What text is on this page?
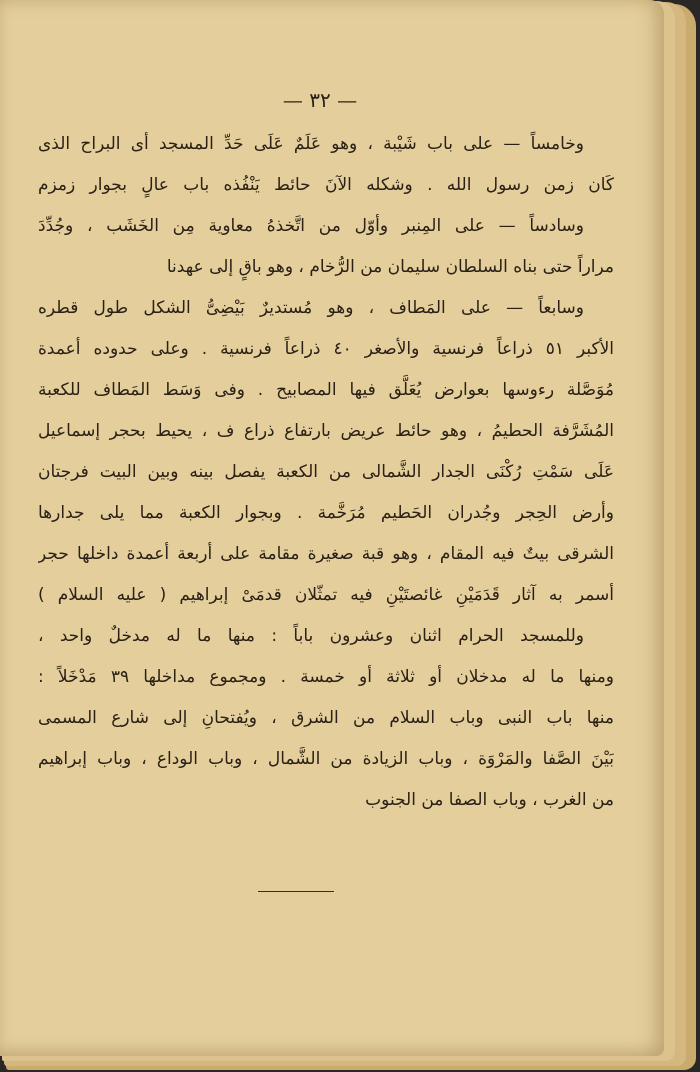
— ٣٢ —
وخامساً — على باب شَيْبة ، وهو عَلَمٌ عَلَى حَدِّ المسجد أى البراح الذى
كَان زمن رسول الله . وشكله الآنَ حائط يَنْفُذه باب عالٍ بجوار زمزم
وسادساً — على المِنبر وأوّل من اتَّخذهُ معاوية مِن الخَشَب ، وجُدِّدَ
مراراً حتى بناه السلطان سليمان من الرُّخام ، وهو باقٍ إلى عهدنا
وسابعاً — على المَطاف ، وهو مُستديرٌ بَيْضِىُّ الشكل طول قطره
الأكبر ٥١ ذراعاً فرنسية والأصغر ٤٠ ذراعاً فرنسية . وعلى حدوده أعمدة
مُوَصَّلة رءوسها بعوارض يُعَلَّق فيها المصابيح . وفى وَسَط المَطاف للكعبة
المُشَرَّفة الحطيمُ ، وهو حائط عريض بارتفاع ذراع ف ، يحيط بحجر إسماعيل
عَلَى سَمْتِ رُكْنَى الجدار الشَّمالى من الكعبة يفصل بينه وبين البيت فرجتان
وأرض الحِجر وجُدران الحَطيم مُرَخَّمة . وبجوار الكعبة مما يلى جدارها
الشرقى بيتٌ فيه المقام ، وهو قبة صغيرة مقامة على أربعة أعمدة داخلها حجر
أسمر به آثار قَدَمَيْنِ غائصتَيْنِ فيه تمثّلان قدمَىْ إبراهيم ( عليه السلام )
وللمسجد الحرام اثنان وعشرون باباً : منها ما له مدخلٌ واحد ،
ومنها ما له مدخلان أو ثلاثة أو خمسة . ومجموع مداخلها ٣٩ مَدْخَلاً :
منها باب النبى وباب السلام من الشرق ، ويُفتحانِ إلى شارع المسمى
بَيْنَ الصَّفا والمَرْوَة ، وباب الزيادة من الشَّمال ، وباب الوداع ، وباب إبراهيم
من الغرب ، وباب الصفا من الجنوب
